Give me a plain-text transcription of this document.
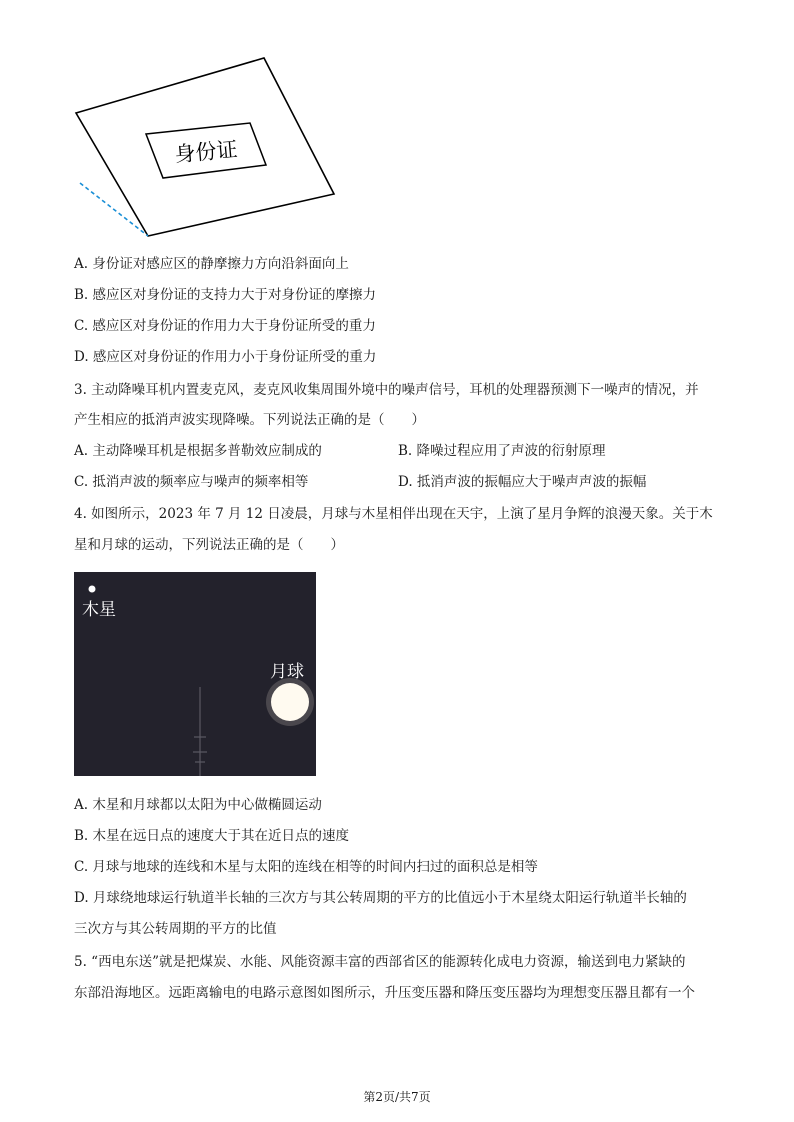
身份证
A. 身份证对感应区的静摩擦力方向沿斜面向上
B. 感应区对身份证的支持力大于对身份证的摩擦力
C. 感应区对身份证的作用力大于身份证所受的重力
D. 感应区对身份证的作用力小于身份证所受的重力
3. 主动降噪耳机内置麦克风，麦克风收集周围外境中的噪声信号，耳机的处理器预测下一噪声的情况，并
产生相应的抵消声波实现降噪。下列说法正确的是（　　）
A. 主动降噪耳机是根据多普勒效应制成的	B. 降噪过程应用了声波的衍射原理
C. 抵消声波的频率应与噪声的频率相等	D. 抵消声波的振幅应大于噪声声波的振幅
4. 如图所示，2023 年 7 月 12 日凌晨，月球与木星相伴出现在天宇，上演了星月争辉的浪漫天象。关于木
星和月球的运动，下列说法正确的是（　　）
木星
月球
A. 木星和月球都以太阳为中心做椭圆运动
B. 木星在远日点的速度大于其在近日点的速度
C. 月球与地球的连线和木星与太阳的连线在相等的时间内扫过的面积总是相等
D. 月球绕地球运行轨道半长轴的三次方与其公转周期的平方的比值远小于木星绕太阳运行轨道半长轴的
三次方与其公转周期的平方的比值
5. “西电东送”就是把煤炭、水能、风能资源丰富的西部省区的能源转化成电力资源，输送到电力紧缺的
东部沿海地区。远距离输电的电路示意图如图所示，升压变压器和降压变压器均为理想变压器且都有一个
第2页/共7页
